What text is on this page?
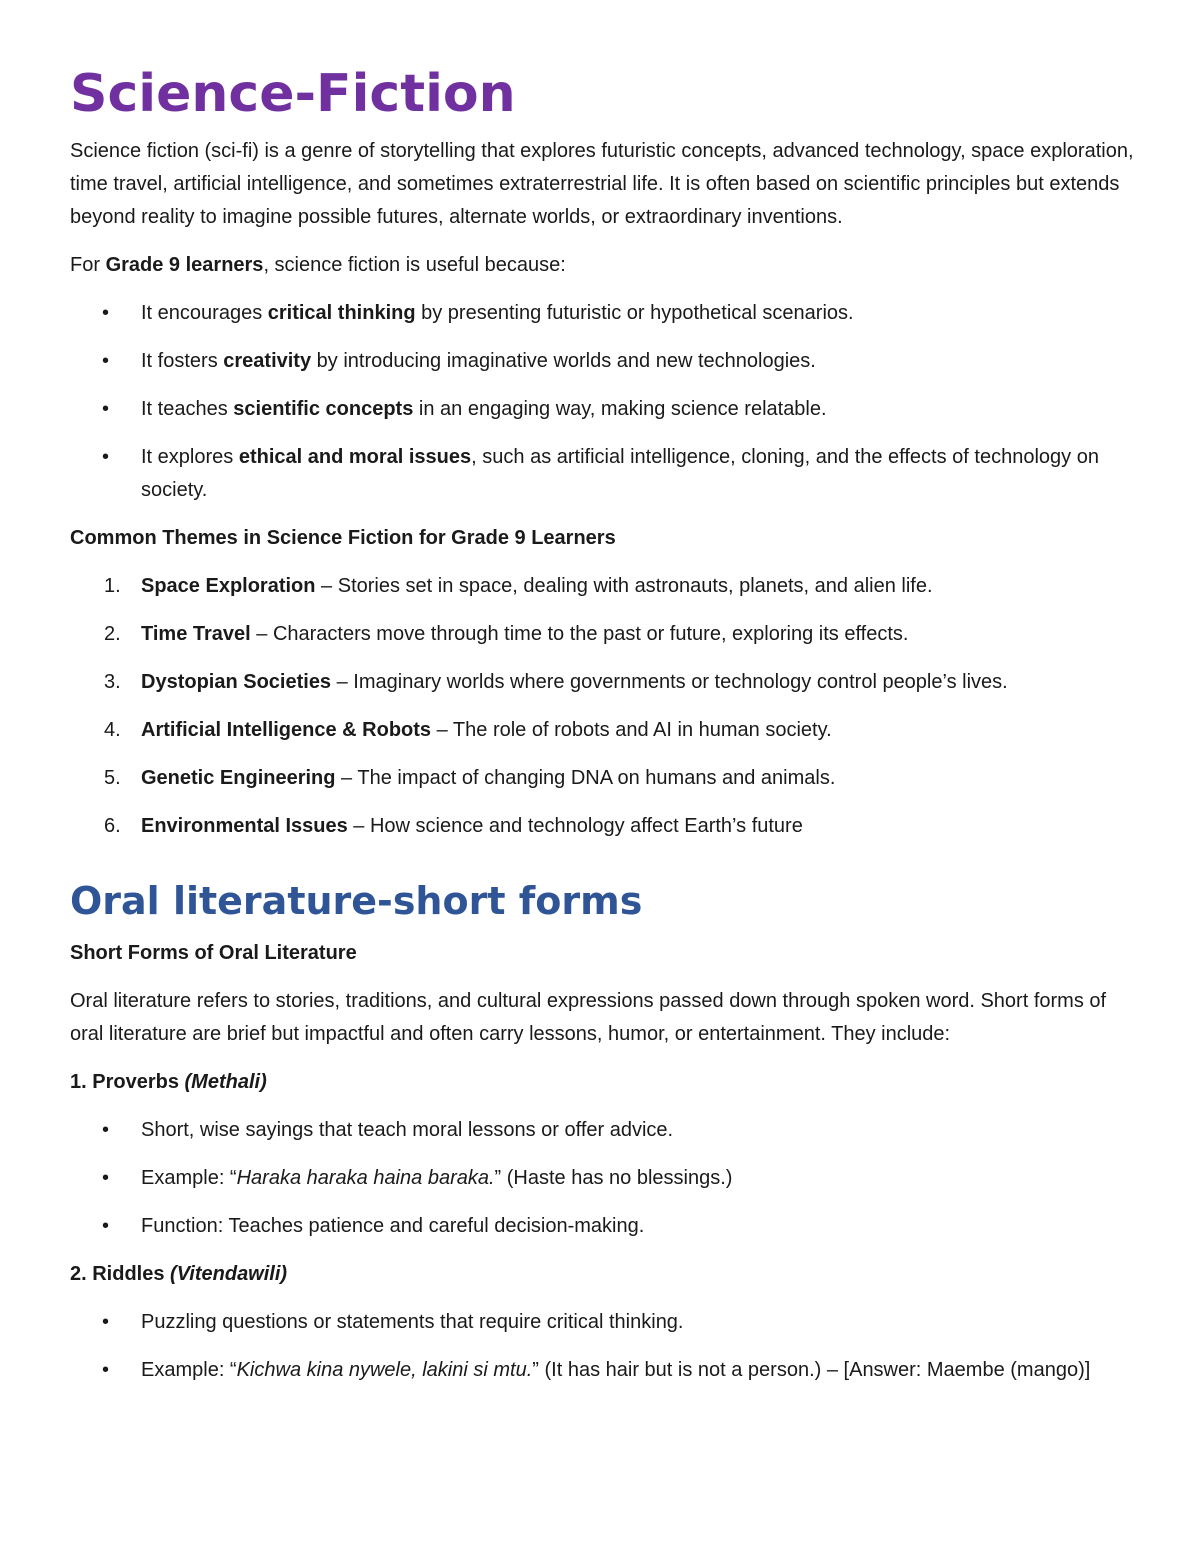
Science-Fiction

Science fiction (sci-fi) is a genre of storytelling that explores futuristic concepts, advanced technology, space exploration, time travel, artificial intelligence, and sometimes extraterrestrial life. It is often based on scientific principles but extends beyond reality to imagine possible futures, alternate worlds, or extraordinary inventions.

For Grade 9 learners, science fiction is useful because:

• It encourages critical thinking by presenting futuristic or hypothetical scenarios.
• It fosters creativity by introducing imaginative worlds and new technologies.
• It teaches scientific concepts in an engaging way, making science relatable.
• It explores ethical and moral issues, such as artificial intelligence, cloning, and the effects of technology on society.
Common Themes in Science Fiction for Grade 9 Learners
1. Space Exploration – Stories set in space, dealing with astronauts, planets, and alien life.
2. Time Travel – Characters move through time to the past or future, exploring its effects.
3. Dystopian Societies – Imaginary worlds where governments or technology control people’s lives.
4. Artificial Intelligence & Robots – The role of robots and AI in human society.
5. Genetic Engineering – The impact of changing DNA on humans and animals.
6. Environmental Issues – How science and technology affect Earth’s future
Oral literature-short forms
Short Forms of Oral Literature

Oral literature refers to stories, traditions, and cultural expressions passed down through spoken word. Short forms of oral literature are brief but impactful and often carry lessons, humor, or entertainment. They include:

1. Proverbs (Methali)
• Short, wise sayings that teach moral lessons or offer advice.
• Example: “Haraka haraka haina baraka.” (Haste has no blessings.)
• Function: Teaches patience and careful decision-making.
2. Riddles (Vitendawili)
• Puzzling questions or statements that require critical thinking.
• Example: “Kichwa kina nywele, lakini si mtu.” (It has hair but is not a person.) – [Answer: Maembe (mango)]
